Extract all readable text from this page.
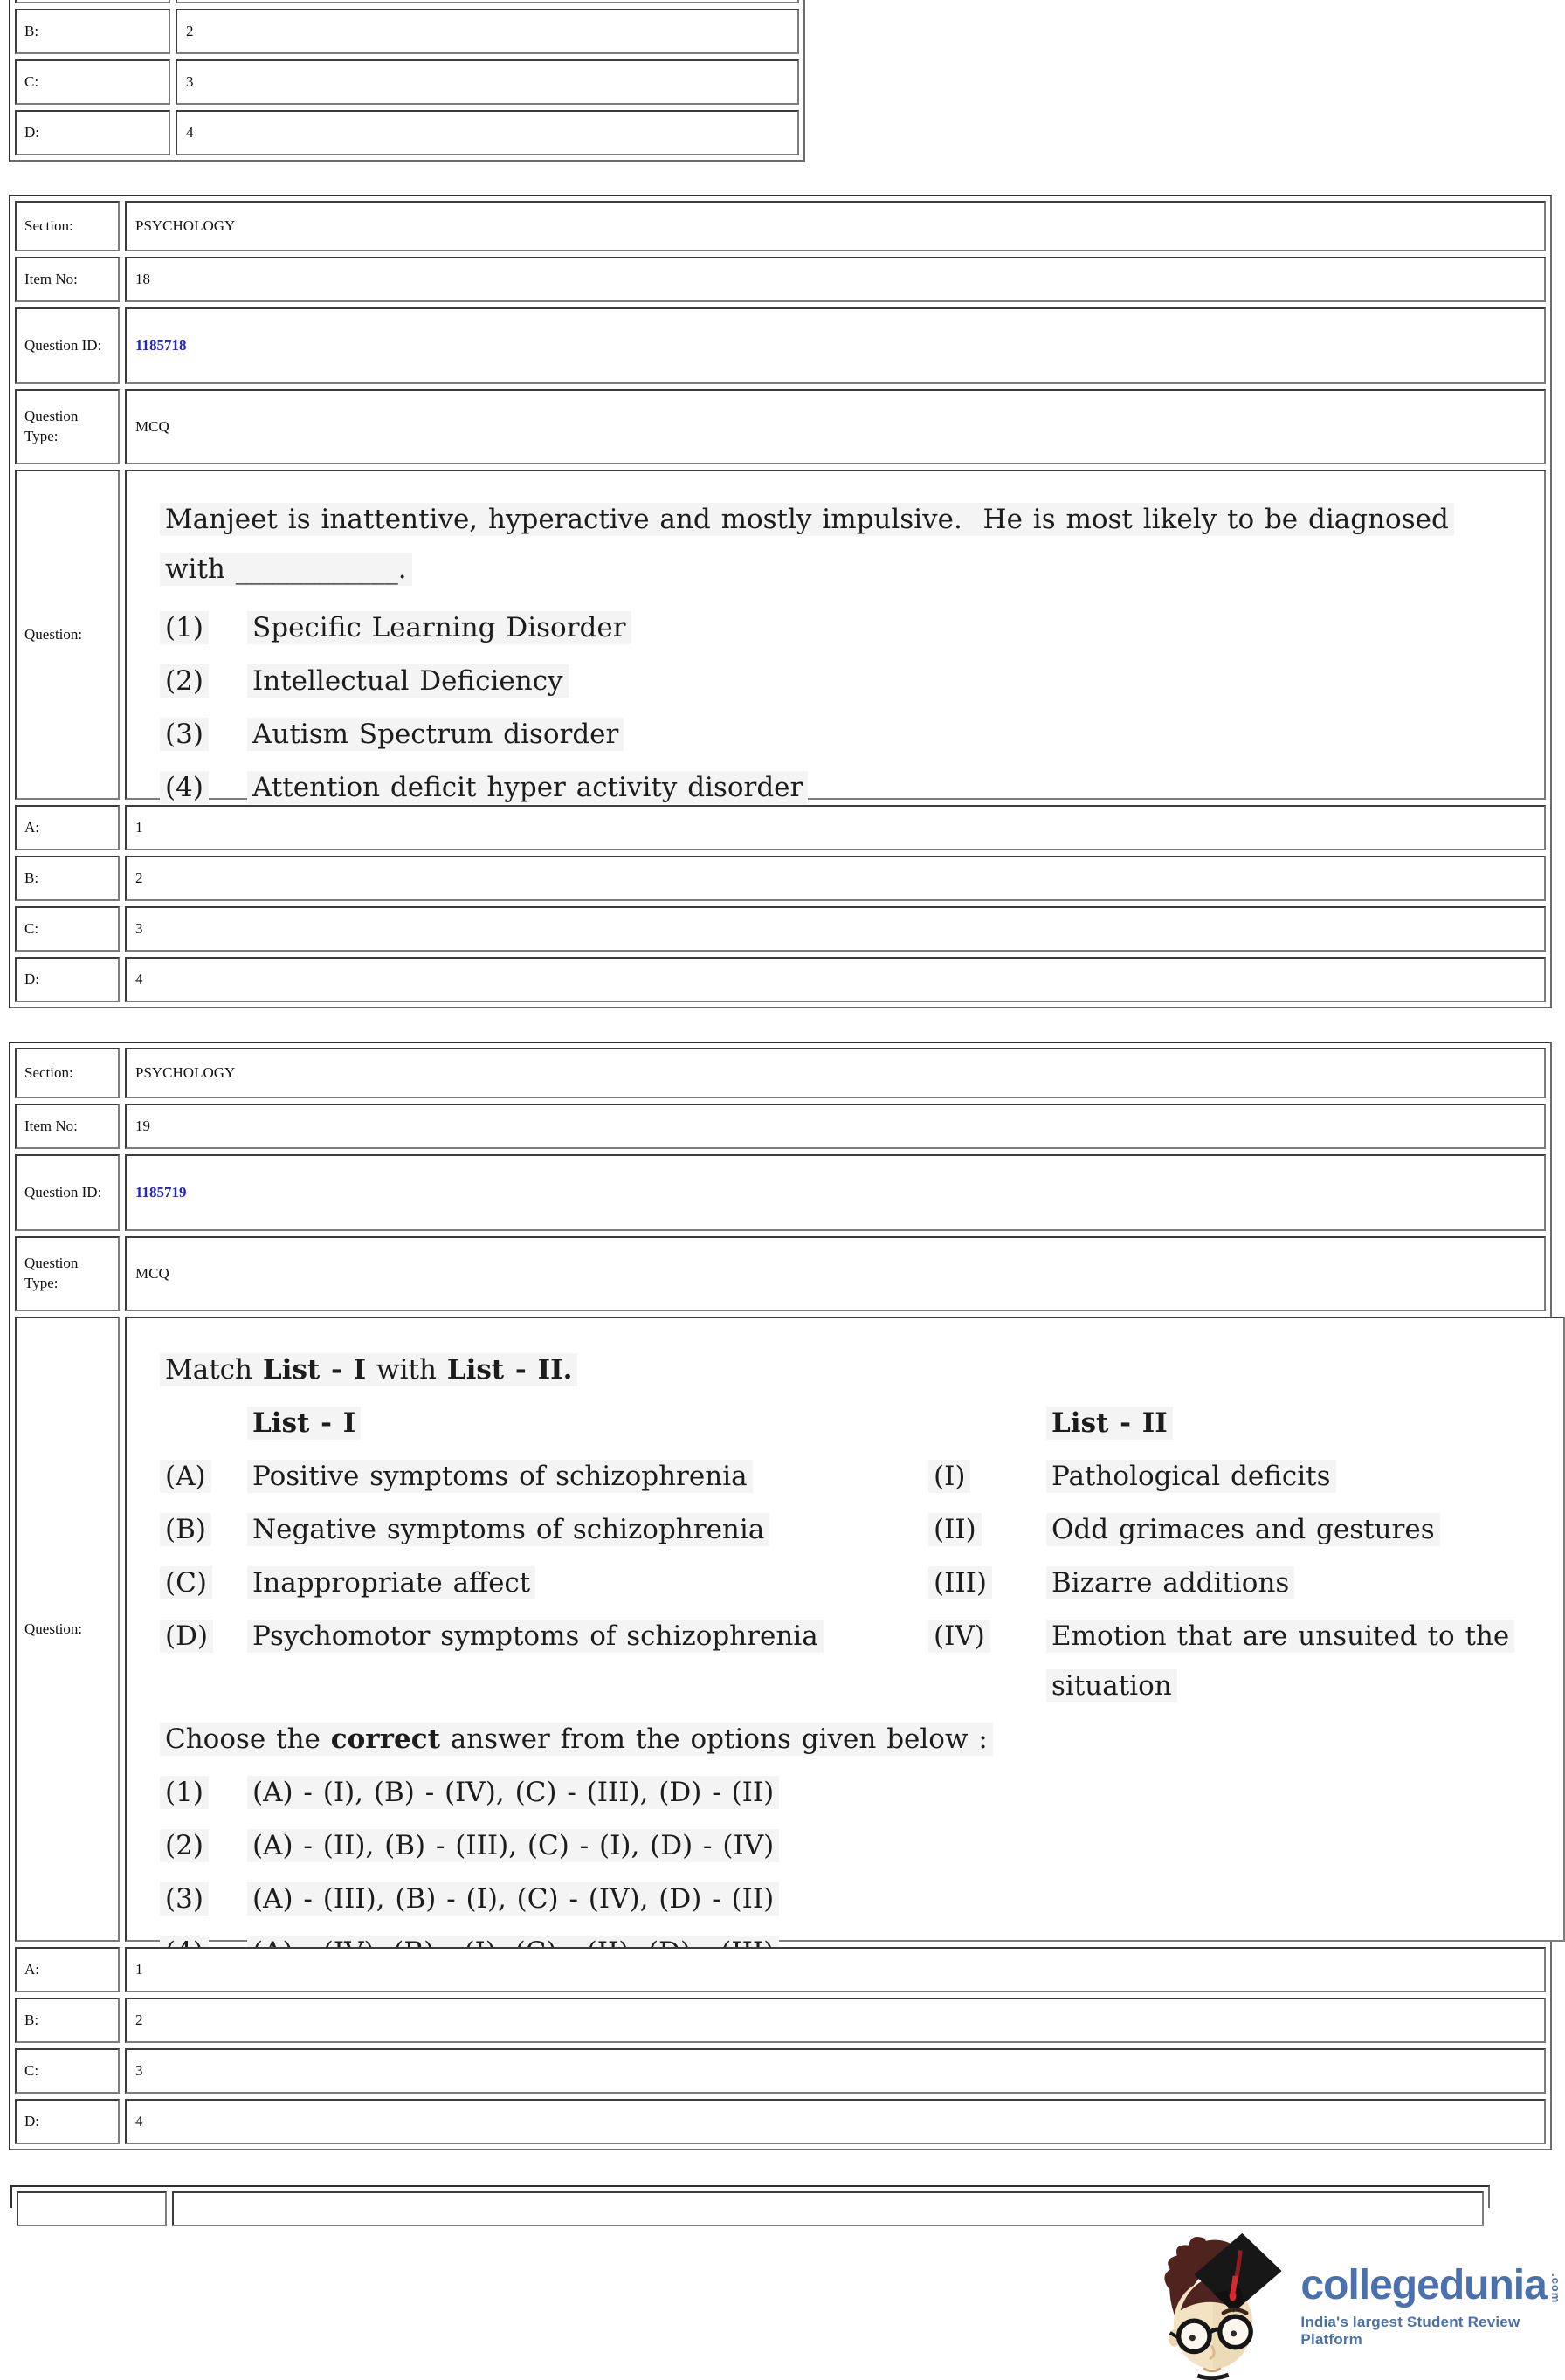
B:	2
C:	3
D:	4
Section:	PSYCHOLOGY
Item No:	18
Question ID:	1185718
Question Type:
MCQ
Question:
Manjeet is inattentive, hyperactive and mostly impulsive.  He is most likely to be diagnosed
with ____________.
(1)	Specific Learning Disorder
(2)	Intellectual Deficiency
(3)	Autism Spectrum disorder
(4)	Attention deficit hyper activity disorder
A:	1
B:	2
C:	3
D:	4
Section:	PSYCHOLOGY
Item No:	19
Question ID:	1185719
Question Type:
MCQ
Question:
Match List - I with List - II.
List - I	List - II
(A)	Positive symptoms of schizophrenia	(I)	Pathological deficits
(B)	Negative symptoms of schizophrenia	(II)	Odd grimaces and gestures
(C)	Inappropriate affect	(III)	Bizarre additions
(D)	Psychomotor symptoms of schizophrenia	(IV)	Emotion that are unsuited to the situation
Choose the correct answer from the options given below :
(1)	(A) - (I), (B) - (IV), (C) - (III), (D) - (II)
(2)	(A) - (II), (B) - (III), (C) - (I), (D) - (IV)
(3)	(A) - (III), (B) - (I), (C) - (IV), (D) - (II)
A:	1
B:	2
C:	3
D:	4
collegedunia .com
India's largest Student Review Platform
